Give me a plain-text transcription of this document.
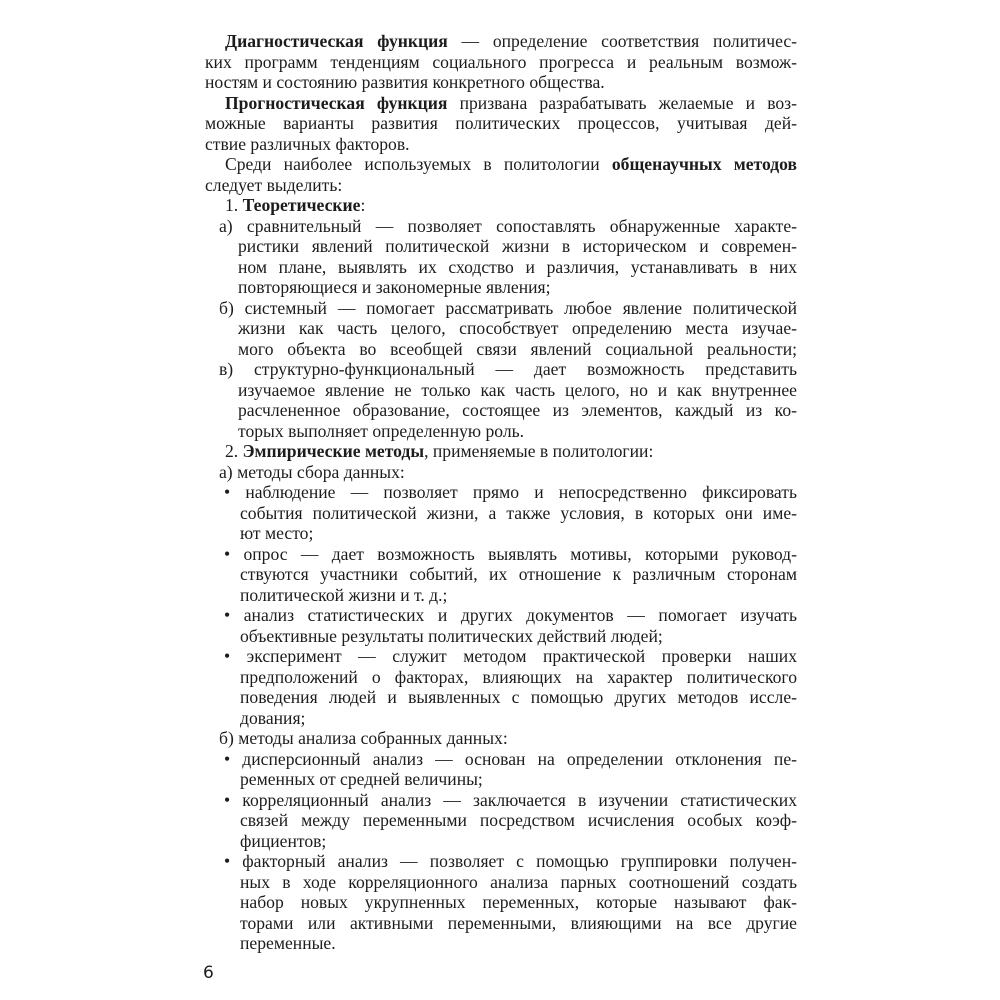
Диагностическая функция — определение соответствия политичес-
ких программ тенденциям социального прогресса и реальным возмож-
ностям и состоянию развития конкретного общества.
Прогностическая функция призвана разрабатывать желаемые и воз-
можные варианты развития политических процессов, учитывая дей-
ствие различных факторов.
Среди наиболее используемых в политологии общенаучных методов
следует выделить:
1. Теоретические:
а) сравнительный — позволяет сопоставлять обнаруженные характе-
ристики явлений политической жизни в историческом и современ-
ном плане, выявлять их сходство и различия, устанавливать в них
повторяющиеся и закономерные явления;
б) системный — помогает рассматривать любое явление политической
жизни как часть целого, способствует определению места изучае-
мого объекта во всеобщей связи явлений социальной реальности;
в) структурно-функциональный — дает возможность представить
изучаемое явление не только как часть целого, но и как внутреннее
расчлененное образование, состоящее из элементов, каждый из ко-
торых выполняет определенную роль.
2. Эмпирические методы, применяемые в политологии:
а) методы сбора данных:
• наблюдение — позволяет прямо и непосредственно фиксировать
события политической жизни, а также условия, в которых они име-
ют место;
• опрос — дает возможность выявлять мотивы, которыми руковод-
ствуются участники событий, их отношение к различным сторонам
политической жизни и т. д.;
• анализ статистических и других документов — помогает изучать
объективные результаты политических действий людей;
• эксперимент — служит методом практической проверки наших
предположений о факторах, влияющих на характер политического
поведения людей и выявленных с помощью других методов иссле-
дования;
б) методы анализа собранных данных:
• дисперсионный анализ — основан на определении отклонения пе-
ременных от средней величины;
• корреляционный анализ — заключается в изучении статистических
связей между переменными посредством исчисления особых коэф-
фициентов;
• факторный анализ — позволяет с помощью группировки получен-
ных в ходе корреляционного анализа парных соотношений создать
набор новых укрупненных переменных, которые называют фак-
торами или активными переменными, влияющими на все другие
переменные.
6
